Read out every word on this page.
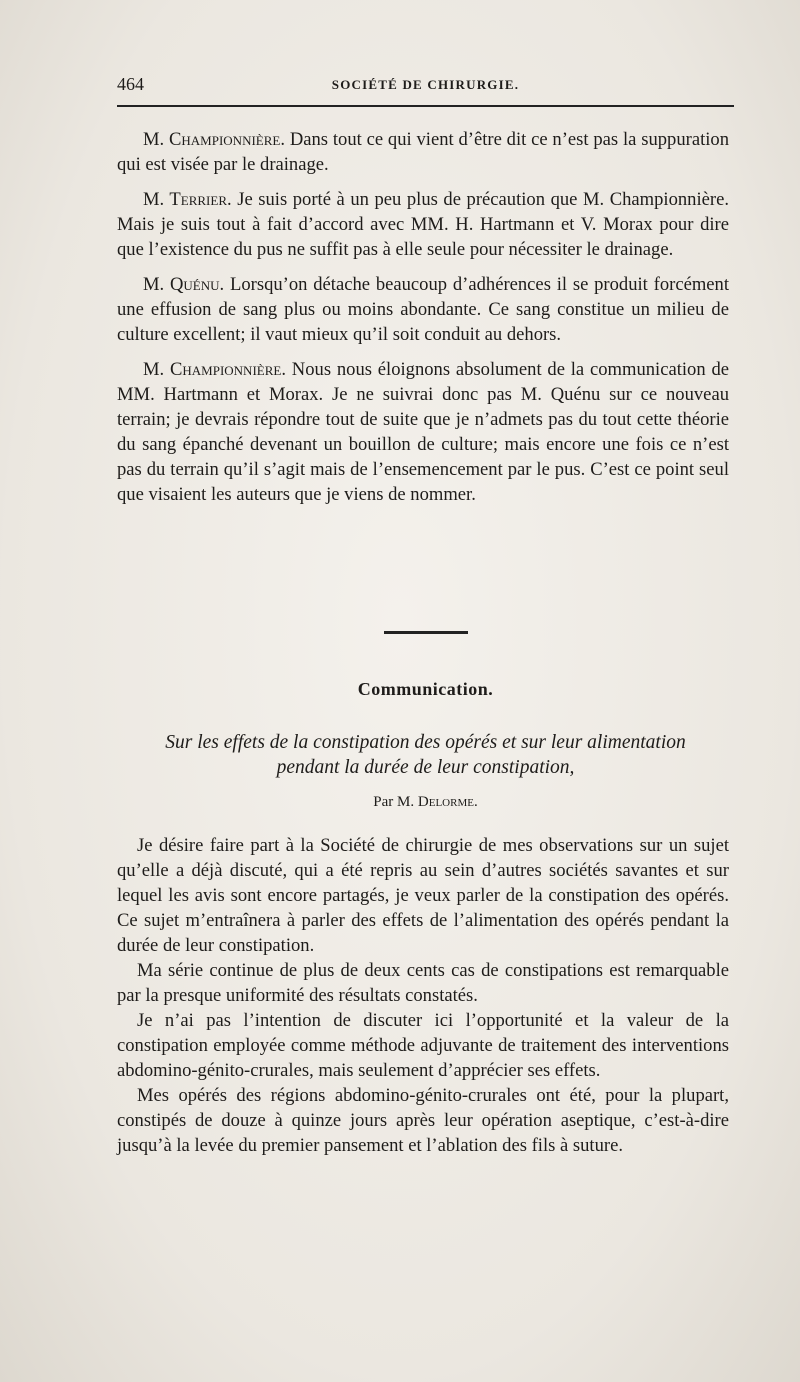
464	SOCIÉTÉ DE CHIRURGIE.

M. Championnière. Dans tout ce qui vient d’être dit ce n’est pas la suppuration qui est visée par le drainage.

M. Terrier. Je suis porté à un peu plus de précaution que M. Championnière. Mais je suis tout à fait d’accord avec MM. H. Hartmann et V. Morax pour dire que l’existence du pus ne suffit pas à elle seule pour nécessiter le drainage.

M. Quénu. Lorsqu’on détache beaucoup d’adhérences il se produit forcément une effusion de sang plus ou moins abondante. Ce sang constitue un milieu de culture excellent; il vaut mieux qu’il soit conduit au dehors.

M. Championnière. Nous nous éloignons absolument de la communication de MM. Hartmann et Morax. Je ne suivrai donc pas M. Quénu sur ce nouveau terrain; je devrais répondre tout de suite que je n’admets pas du tout cette théorie du sang épanché devenant un bouillon de culture; mais encore une fois ce n’est pas du terrain qu’il s’agit mais de l’ensemencement par le pus. C’est ce point seul que visaient les auteurs que je viens de nommer.

Communication.
Sur les effets de la constipation des opérés et sur leur alimentation
pendant la durée de leur constipation,
Par M. Delorme.

Je désire faire part à la Société de chirurgie de mes observations sur un sujet qu’elle a déjà discuté, qui a été repris au sein d’autres sociétés savantes et sur lequel les avis sont encore partagés, je veux parler de la constipation des opérés. Ce sujet m’entraînera à parler des effets de l’alimentation des opérés pendant la durée de leur constipation.

Ma série continue de plus de deux cents cas de constipations est remarquable par la presque uniformité des résultats constatés.

Je n’ai pas l’intention de discuter ici l’opportunité et la valeur de la constipation employée comme méthode adjuvante de traitement des interventions abdomino-génito-crurales, mais seulement d’apprécier ses effets.

Mes opérés des régions abdomino-génito-crurales ont été, pour la plupart, constipés de douze à quinze jours après leur opération aseptique, c’est-à-dire jusqu’à la levée du premier pansement et l’ablation des fils à suture.
